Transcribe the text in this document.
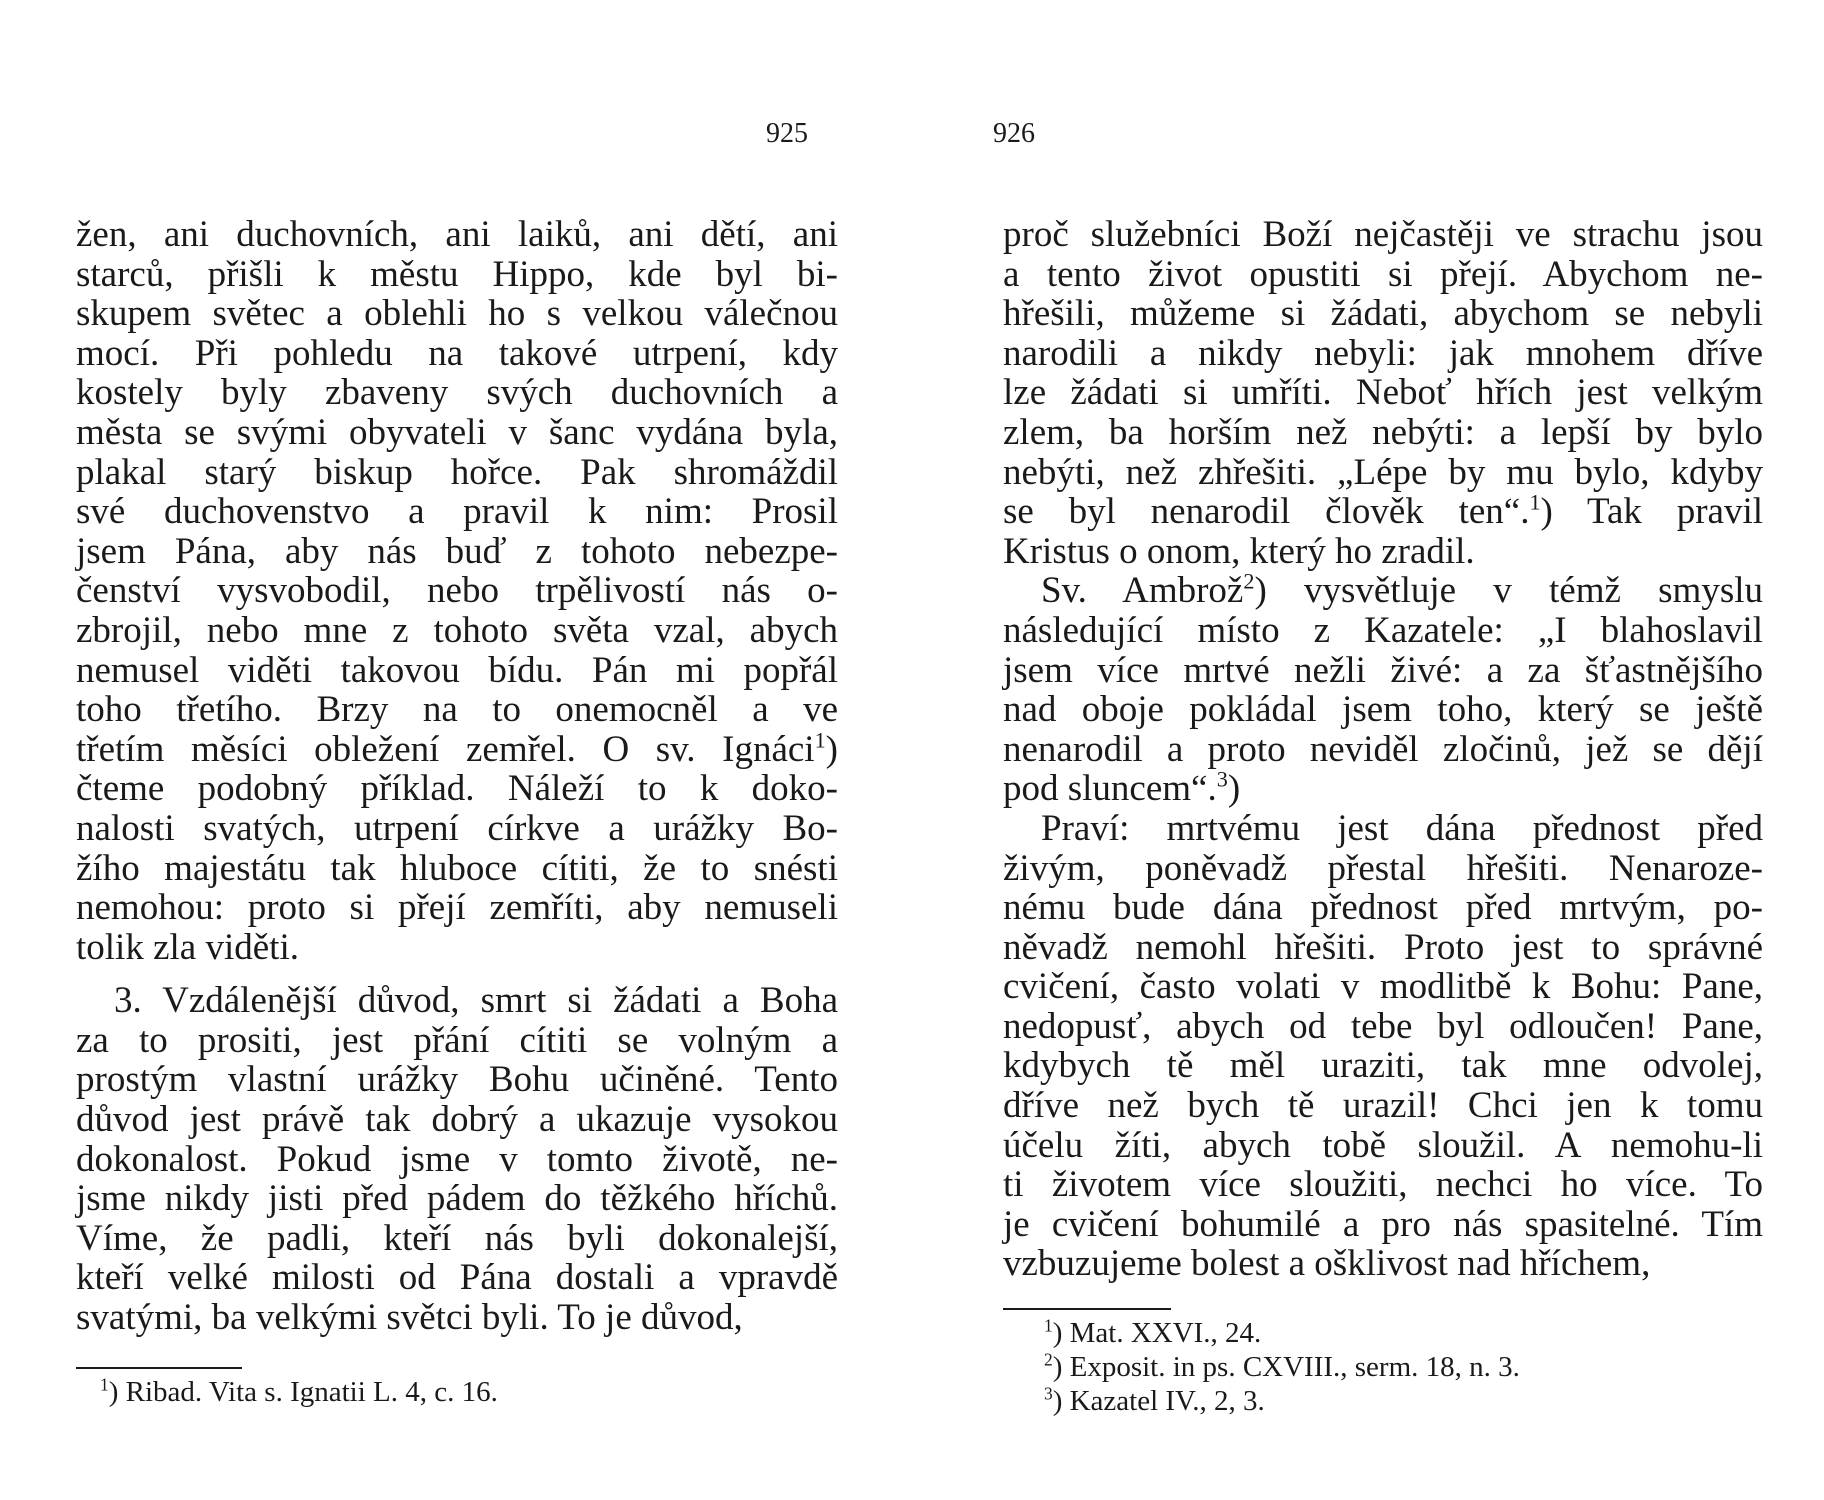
925	926
žen, ani duchovních, ani laiků, ani dětí, ani
starců, přišli k městu Hippo, kde byl bi-
skupem světec a oblehli ho s velkou válečnou
mocí. Při pohledu na takové utrpení, kdy
kostely byly zbaveny svých duchovních a
města se svými obyvateli v šanc vydána byla,
plakal starý biskup hořce. Pak shromáždil
své duchovenstvo a pravil k nim: Prosil
jsem Pána, aby nás buď z tohoto nebezpe-
čenství vysvobodil, nebo trpělivostí nás o-
zbrojil, nebo mne z tohoto světa vzal, abych
nemusel viděti takovou bídu. Pán mi popřál
toho třetího. Brzy na to onemocněl a ve
třetím měsíci obležení zemřel. O sv. Ignáci$^1$)
čteme podobný příklad. Náleží to k doko-
nalosti svatých, utrpení církve a urážky Bo-
žího majestátu tak hluboce cítiti, že to snésti
nemohou: proto si přejí zemříti, aby nemuseli
tolik zla viděti.
3. Vzdálenější důvod, smrt si žádati a Boha
za to prositi, jest přání cítiti se volným a
prostým vlastní urážky Bohu učiněné. Tento
důvod jest právě tak dobrý a ukazuje vysokou
dokonalost. Pokud jsme v tomto životě, ne-
jsme nikdy jisti před pádem do těžkého hříchů.
Víme, že padli, kteří nás byli dokonalejší,
kteří velké milosti od Pána dostali a vpravdě
svatými, ba velkými světci byli. To je důvod,
proč služebníci Boží nejčastěji ve strachu jsou
a tento život opustiti si přejí. Abychom ne-
hřešili, můžeme si žádati, abychom se nebyli
narodili a nikdy nebyli: jak mnohem dříve
lze žádati si umříti. Neboť hřích jest velkým
zlem, ba horším než nebýti: a lepší by bylo
nebýti, než zhřešiti. „Lépe by mu bylo, kdyby
se byl nenarodil člověk ten“.$^1$) Tak pravil
Kristus o onom, který ho zradil.
Sv. Ambrož$^2$) vysvětluje v témž smyslu
následující místo z Kazatele: „I blahoslavil
jsem více mrtvé nežli živé: a za šťastnějšího
nad oboje pokládal jsem toho, který se ještě
nenarodil a proto neviděl zločinů, jež se dějí
pod sluncem“.$^3$)
Praví: mrtvému jest dána přednost před
živým, poněvadž přestal hřešiti. Nenaroze-
nému bude dána přednost před mrtvým, po-
něvadž nemohl hřešiti. Proto jest to správné
cvičení, často volati v modlitbě k Bohu: Pane,
nedopusť, abych od tebe byl odloučen! Pane,
kdybych tě měl uraziti, tak mne odvolej,
dříve než bych tě urazil! Chci jen k tomu
účelu žíti, abych tobě sloužil. A nemohu-li
ti životem více sloužiti, nechci ho více. To
je cvičení bohumilé a pro nás spasitelné. Tím
vzbuzujeme bolest a ošklivost nad hříchem,
$^1$) Ribad. Vita s. Ignatii L. 4, c. 16.
$^1$) Mat. XXVI., 24.
$^2$) Exposit. in ps. CXVIII., serm. 18, n. 3.
$^3$) Kazatel IV., 2, 3.
